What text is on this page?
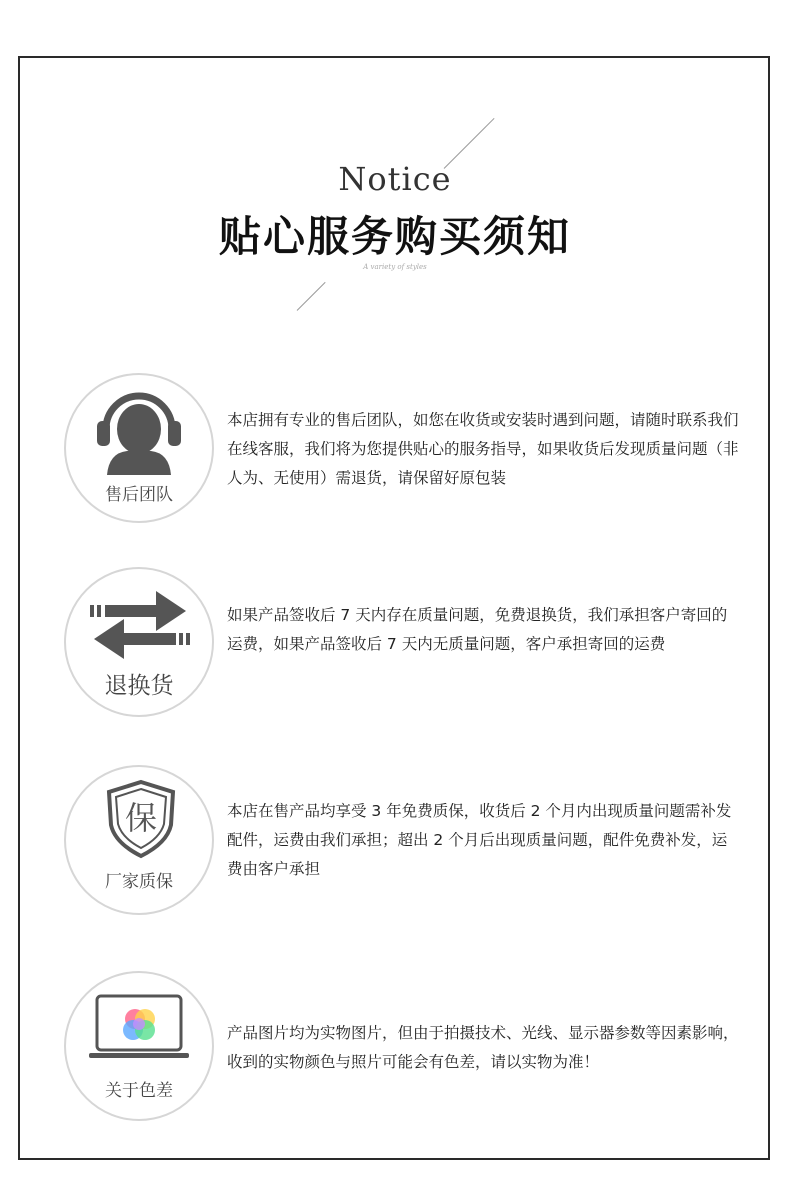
Notice
贴心服务购买须知
A variety of styles
售后团队
本店拥有专业的售后团队，如您在收货或安装时遇到问题，请随时联系我们在线客服，我们将为您提供贴心的服务指导，如果收货后发现质量问题（非人为、无使用）需退货，请保留好原包装
退换货
如果产品签收后 7 天内存在质量问题，免费退换货，我们承担客户寄回的运费，如果产品签收后 7 天内无质量问题，客户承担寄回的运费
保
厂家质保
本店在售产品均享受 3 年免费质保，收货后 2 个月内出现质量问题需补发配件，运费由我们承担；超出 2 个月后出现质量问题，配件免费补发，运费由客户承担
关于色差
产品图片均为实物图片，但由于拍摄技术、光线、显示器参数等因素影响，收到的实物颜色与照片可能会有色差，请以实物为准！
